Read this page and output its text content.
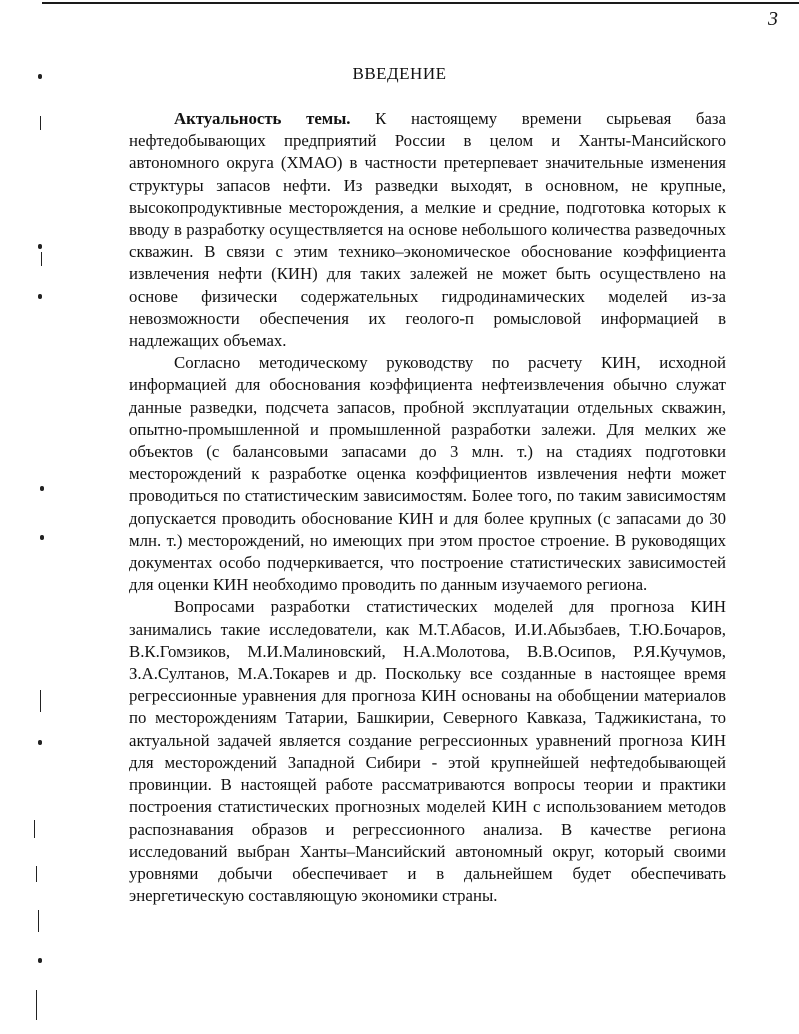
3
ВВЕДЕНИЕ

Актуальность темы. К настоящему времени сырьевая база нефтедобывающих предприятий России в целом и Ханты-Мансийского автономного округа (ХМАО) в частности претерпевает значительные изменения структуры запасов нефти. Из разведки выходят, в основном, не крупные, высокопродуктивные месторождения, а мелкие и средние, подготовка которых к вводу в разработку осуществляется на основе небольшого количества разведочных скважин. В связи с этим технико–экономическое обоснование коэффициента извлечения нефти (КИН) для таких залежей не может быть осуществлено на основе физически содержательных гидродинамических моделей из-за невозможности обеспечения их геолого-п ромысловой информацией в надлежащих объемах.

Согласно методическому руководству по расчету КИН, исходной информацией для обоснования коэффициента нефтеизвлечения обычно служат данные разведки, подсчета запасов, пробной эксплуатации отдельных скважин, опытно-промышленной и промышленной разработки залежи. Для мелких же объектов (с балансовыми запасами до 3 млн. т.) на стадиях подготовки месторождений к разработке оценка коэффициентов извлечения нефти может проводиться по статистическим зависимостям. Более того, по таким зависимостям допускается проводить обоснование КИН и для более крупных (с запасами до 30 млн. т.) месторождений, но имеющих при этом простое строение. В руководящих документах особо подчеркивается, что построение статистических зависимостей для оценки КИН необходимо проводить по данным изучаемого региона.

Вопросами разработки статистических моделей для прогноза КИН занимались такие исследователи, как М.Т.Абасов, И.И.Абызбаев, Т.Ю.Бочаров, В.К.Гомзиков, М.И.Малиновский, Н.А.Молотова, В.В.Осипов, Р.Я.Кучумов, З.А.Султанов, М.А.Токарев и др. Поскольку все созданные в настоящее время регрессионные уравнения для прогноза КИН основаны на обобщении материалов по месторождениям Татарии, Башкирии, Северного Кавказа, Таджикистана, то актуальной задачей является создание регрессионных уравнений прогноза КИН для месторождений Западной Сибири - этой крупнейшей нефтедобывающей провинции. В настоящей работе рассматриваются вопросы теории и практики построения статистических прогнозных моделей КИН с использованием методов распознавания образов и регрессионного анализа. В качестве региона исследований выбран Ханты–Мансийский автономный округ, который своими уровнями добычи обеспечивает и в дальнейшем будет обеспечивать энергетическую составляющую экономики страны.
